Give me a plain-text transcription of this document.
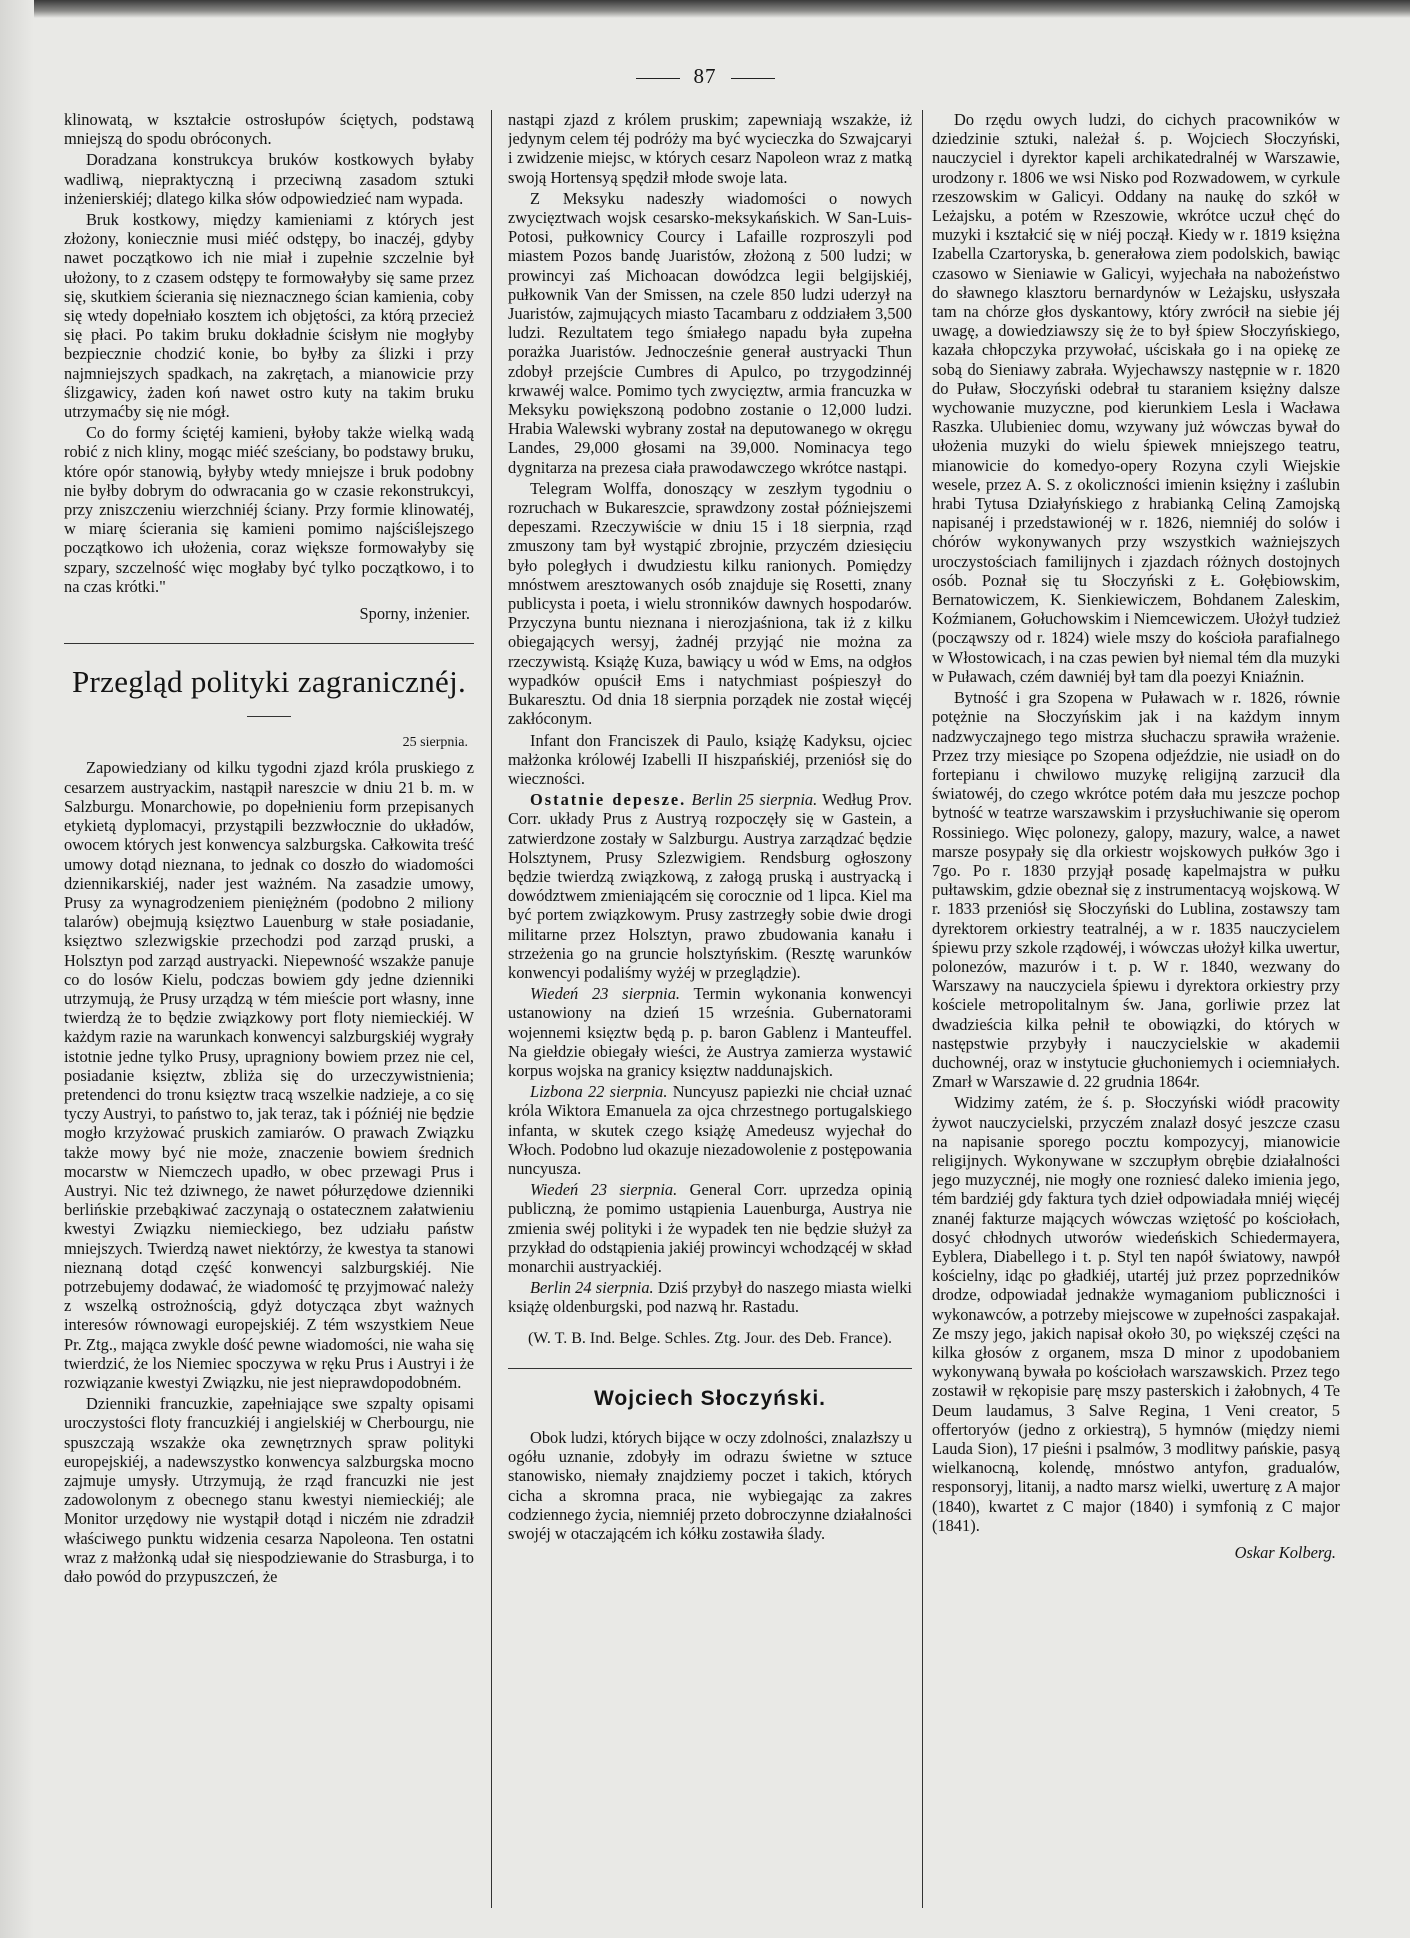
87

klinowatą, w kształcie ostrosłupów ściętych, podstawą mniejszą do spodu obróconych.

Doradzana konstrukcya bruków kostkowych byłaby wadliwą, niepraktyczną i przeciwną zasadom sztuki inżenierskiéj; dlatego kilka słów odpowiedzieć nam wypada.

Bruk kostkowy, między kamieniami z których jest złożony, koniecznie musi miéć odstępy, bo inaczéj, gdyby nawet początkowo ich nie miał i zupełnie szczelnie był ułożony, to z czasem odstępy te formowałyby się same przez się, skutkiem ścierania się nieznacznego ścian kamienia, coby się wtedy dopełniało kosztem ich objętości, za którą przecież się płaci. Po takim bruku dokładnie ścisłym nie mogłyby bezpiecznie chodzić konie, bo byłby za ślizki i przy najmniejszych spadkach, na zakrętach, a mianowicie przy ślizgawicy, żaden koń nawet ostro kuty na takim bruku utrzymaćby się nie mógł.

Co do formy ściętéj kamieni, byłoby także wielką wadą robić z nich kliny, mogąc miéć sześciany, bo podstawy bruku, które opór stanowią, byłyby wtedy mniejsze i bruk podobny nie byłby dobrym do odwracania go w czasie rekonstrukcyi, przy zniszczeniu wierzchniéj ściany. Przy formie klinowatéj, w miarę ścierania się kamieni pomimo najściślejszego początkowo ich ułożenia, coraz większe formowałyby się szpary, szczelność więc mogłaby być tylko początkowo, i to na czas krótki."

Sporny, inżenier.
Przegląd polityki zagranicznéj.
25 sierpnia.

Zapowiedziany od kilku tygodni zjazd króla pruskiego z cesarzem austryackim, nastąpił nareszcie w dniu 21 b. m. w Salzburgu. Monarchowie, po dopełnieniu form przepisanych etykietą dyplomacyi, przystąpili bezzwłocznie do układów, owocem których jest konwencya salzburgska. Całkowita treść umowy dotąd nieznana, to jednak co doszło do wiadomości dziennikarskiéj, nader jest ważném. Na zasadzie umowy, Prusy za wynagrodzeniem pieniężném (podobno 2 miliony talarów) obejmują księztwo Lauenburg w stałe posiadanie, księztwo szlezwigskie przechodzi pod zarząd pruski, a Holsztyn pod zarząd austryacki. Niepewność wszakże panuje co do losów Kielu, podczas bowiem gdy jedne dzienniki utrzymują, że Prusy urządzą w tém mieście port własny, inne twierdzą że to będzie związkowy port floty niemieckiéj. W każdym razie na warunkach konwencyi salzburgskiéj wygrały istotnie jedne tylko Prusy, upragniony bowiem przez nie cel, posiadanie księztw, zbliża się do urzeczywistnienia; pretendenci do tronu księztw tracą wszelkie nadzieje, a co się tyczy Austryi, to państwo to, jak teraz, tak i późniéj nie będzie mogło krzyżować pruskich zamiarów. O prawach Związku także mowy być nie może, znaczenie bowiem średnich mocarstw w Niemczech upadło, w obec przewagi Prus i Austryi. Nic też dziwnego, że nawet półurzędowe dzienniki berlińskie przebąkiwać zaczynają o ostatecznem załatwieniu kwestyi Związku niemieckiego, bez udziału państw mniejszych. Twierdzą nawet niektórzy, że kwestya ta stanowi nieznaną dotąd część konwencyi salzburgskiéj. Nie potrzebujemy dodawać, że wiadomość tę przyjmować należy z wszelką ostrożnością, gdyż dotycząca zbyt ważnych interesów równowagi europejskiéj. Z tém wszystkiem Neue Pr. Ztg., mająca zwykle dość pewne wiadomości, nie waha się twierdzić, że los Niemiec spoczywa w ręku Prus i Austryi i że rozwiązanie kwestyi Związku, nie jest nieprawdopodobném.

Dzienniki francuzkie, zapełniające swe szpalty opisami uroczystości floty francuzkiéj i angielskiéj w Cherbourgu, nie spuszczają wszakże oka zewnętrznych spraw polityki europejskiéj, a nadewszystko konwencya salzburgska mocno zajmuje umysły. Utrzymują, że rząd francuzki nie jest zadowolonym z obecnego stanu kwestyi niemieckiéj; ale Monitor urzędowy nie wystąpił dotąd i niczém nie zdradził właściwego punktu widzenia cesarza Napoleona. Ten ostatni wraz z małżonką udał się niespodziewanie do Strasburga, i to dało powód do przypuszczeń, że

nastąpi zjazd z królem pruskim; zapewniają wszakże, iż jedynym celem téj podróży ma być wycieczka do Szwajcaryi i zwidzenie miejsc, w których cesarz Napoleon wraz z matką swoją Hortensyą spędził młode swoje lata.

Z Meksyku nadeszły wiadomości o nowych zwycięztwach wojsk cesarsko-meksykańskich. W San-Luis-Potosi, pułkownicy Courcy i Lafaille rozproszyli pod miastem Pozos bandę Juaristów, złożoną z 500 ludzi; w prowincyi zaś Michoacan dowódzca legii belgijskiéj, pułkownik Van der Smissen, na czele 850 ludzi uderzył na Juaristów, zajmujących miasto Tacambaru z oddziałem 3,500 ludzi. Rezultatem tego śmiałego napadu była zupełna porażka Juaristów. Jednocześnie generał austryacki Thun zdobył przejście Cumbres di Apulco, po trzygodzinnéj krwawéj walce. Pomimo tych zwycięztw, armia francuzka w Meksyku powiększoną podobno zostanie o 12,000 ludzi. Hrabia Walewski wybrany został na deputowanego w okręgu Landes, 29,000 głosami na 39,000. Nominacya tego dygnitarza na prezesa ciała prawodawczego wkrótce nastąpi.

Telegram Wolffa, donoszący w zeszłym tygodniu o rozruchach w Bukareszcie, sprawdzony został późniejszemi depeszami. Rzeczywiście w dniu 15 i 18 sierpnia, rząd zmuszony tam był wystąpić zbrojnie, przyczém dziesięciu było poległych i dwudziestu kilku ranionych. Pomiędzy mnóstwem aresztowanych osób znajduje się Rosetti, znany publicysta i poeta, i wielu stronników dawnych hospodarów. Przyczyna buntu nieznana i nierozjaśniona, tak iż z kilku obiegających wersyj, żadnéj przyjąć nie można za rzeczywistą. Książę Kuza, bawiący u wód w Ems, na odgłos wypadków opuścił Ems i natychmiast pośpieszył do Bukaresztu. Od dnia 18 sierpnia porządek nie został więcéj zakłóconym.

Infant don Franciszek di Paulo, książę Kadyksu, ojciec małżonka królowéj Izabelli II hiszpańskiéj, przeniósł się do wieczności.

Ostatnie depesze. Berlin 25 sierpnia. Według Prov. Corr. układy Prus z Austryą rozpoczęły się w Gastein, a zatwierdzone zostały w Salzburgu. Austrya zarządzać będzie Holsztynem, Prusy Szlezwigiem. Rendsburg ogłoszony będzie twierdzą związkową, z załogą pruską i austryacką i dowództwem zmieniającém się corocznie od 1 lipca. Kiel ma być portem związkowym. Prusy zastrzegły sobie dwie drogi militarne przez Holsztyn, prawo zbudowania kanału i strzeżenia go na gruncie holsztyńskim. (Resztę warunków konwencyi podaliśmy wyżéj w przeglądzie).

Wiedeń 23 sierpnia. Termin wykonania konwencyi ustanowiony na dzień 15 września. Gubernatorami wojennemi księztw będą p. p. baron Gablenz i Manteuffel. Na giełdzie obiegały wieści, że Austrya zamierza wystawić korpus wojska na granicy księztw naddunajskich.

Lizbona 22 sierpnia. Nuncyusz papiezki nie chciał uznać króla Wiktora Emanuela za ojca chrzestnego portugalskiego infanta, w skutek czego książę Amedeusz wyjechał do Włoch. Podobno lud okazuje niezadowolenie z postępowania nuncyusza.

Wiedeń 23 sierpnia. General Corr. uprzedza opinią publiczną, że pomimo ustąpienia Lauenburga, Austrya nie zmienia swéj polityki i że wypadek ten nie będzie służył za przykład do odstąpienia jakiéj prowincyi wchodzącéj w skład monarchii austryackiéj.

Berlin 24 sierpnia. Dziś przybył do naszego miasta wielki książę oldenburgski, pod nazwą hr. Rastadu.

(W. T. B. Ind. Belge. Schles. Ztg. Jour. des Deb. France).
Wojciech Słoczyński.

Obok ludzi, których bijące w oczy zdolności, znalazłszy u ogółu uznanie, zdobyły im odrazu świetne w sztuce stanowisko, niemały znajdziemy poczet i takich, których cicha a skromna praca, nie wybiegając za zakres codziennego życia, niemniéj przeto dobroczynne działalności swojéj w otaczającém ich kółku zostawiła ślady.

Do rzędu owych ludzi, do cichych pracowników w dziedzinie sztuki, należał ś. p. Wojciech Słoczyński, nauczyciel i dyrektor kapeli archikatedralnéj w Warszawie, urodzony r. 1806 we wsi Nisko pod Rozwadowem, w cyrkule rzeszowskim w Galicyi. Oddany na naukę do szkół w Leżajsku, a potém w Rzeszowie, wkrótce uczuł chęć do muzyki i kształcić się w niéj począł. Kiedy w r. 1819 księżna Izabella Czartoryska, b. generałowa ziem podolskich, bawiąc czasowo w Sieniawie w Galicyi, wyjechała na nabożeństwo do sławnego klasztoru bernardynów w Leżajsku, usłyszała tam na chórze głos dyskantowy, który zwrócił na siebie jéj uwagę, a dowiedziawszy się że to był śpiew Słoczyńskiego, kazała chłopczyka przywołać, uściskała go i na opiekę ze sobą do Sieniawy zabrała. Wyjechawszy następnie w r. 1820 do Puław, Słoczyński odebrał tu staraniem księżny dalsze wychowanie muzyczne, pod kierunkiem Lesla i Wacława Raszka. Ulubieniec domu, wzywany już wówczas bywał do ułożenia muzyki do wielu śpiewek mniejszego teatru, mianowicie do komedyo-opery Rozyna czyli Wiejskie wesele, przez A. S. z okoliczności imienin księżny i zaślubin hrabi Tytusa Działyńskiego z hrabianką Celiną Zamojską napisanéj i przedstawionéj w r. 1826, niemniéj do solów i chórów wykonywanych przy wszystkich ważniejszych uroczystościach familijnych i zjazdach różnych dostojnych osób. Poznał się tu Słoczyński z Ł. Gołębiowskim, Bernatowiczem, K. Sienkiewiczem, Bohdanem Zaleskim, Koźmianem, Gołuchowskim i Niemcewiczem. Ułożył tudzież (począwszy od r. 1824) wiele mszy do kościoła parafialnego w Włostowicach, i na czas pewien był niemal tém dla muzyki w Puławach, czém dawniéj był tam dla poezyi Kniaźnin.

Bytność i gra Szopena w Puławach w r. 1826, równie potężnie na Słoczyńskim jak i na każdym innym nadzwyczajnego tego mistrza słuchaczu sprawiła wrażenie. Przez trzy miesiące po Szopena odjeździe, nie usiadł on do fortepianu i chwilowo muzykę religijną zarzucił dla światowéj, do czego wkrótce potém dała mu jeszcze pochop bytność w teatrze warszawskim i przysłuchiwanie się operom Rossiniego. Więc polonezy, galopy, mazury, walce, a nawet marsze posypały się dla orkiestr wojskowych pułków 3go i 7go. Po r. 1830 przyjął posadę kapelmajstra w pułku pułtawskim, gdzie obeznał się z instrumentacyą wojskową. W r. 1833 przeniósł się Słoczyński do Lublina, zostawszy tam dyrektorem orkiestry teatralnéj, a w r. 1835 nauczycielem śpiewu przy szkole rządowéj, i wówczas ułożył kilka uwertur, polonezów, mazurów i t. p. W r. 1840, wezwany do Warszawy na nauczyciela śpiewu i dyrektora orkiestry przy kościele metropolitalnym św. Jana, gorliwie przez lat dwadzieścia kilka pełnił te obowiązki, do których w następstwie przybyły i nauczycielskie w akademii duchownéj, oraz w instytucie głuchoniemych i ociemniałych. Zmarł w Warszawie d. 22 grudnia 1864r.

Widzimy zatém, że ś. p. Słoczyński wiódł pracowity żywot nauczycielski, przyczém znalazł dosyć jeszcze czasu na napisanie sporego pocztu kompozycyj, mianowicie religijnych. Wykonywane w szczupłym obrębie działalności jego muzycznéj, nie mogły one rozniesć daleko imienia jego, tém bardziéj gdy faktura tych dzieł odpowiadała mniéj więcéj znanéj fakturze mających wówczas wziętość po kościołach, dosyć chłodnych utworów wiedeńskich Schiedermayera, Eyblera, Diabellego i t. p. Styl ten napół światowy, nawpół kościelny, idąc po gładkiéj, utartéj już przez poprzedników drodze, odpowiadał jednakże wymaganiom publiczności i wykonawców, a potrzeby miejscowe w zupełności zaspakajał. Ze mszy jego, jakich napisał około 30, po większéj części na kilka głosów z organem, msza D minor z upodobaniem wykonywaną bywała po kościołach warszawskich. Przez tego zostawił w rękopisie parę mszy pasterskich i żałobnych, 4 Te Deum laudamus, 3 Salve Regina, 1 Veni creator, 5 offertoryów (jedno z orkiestrą), 5 hymnów (między niemi Lauda Sion), 17 pieśni i psalmów, 3 modlitwy pańskie, pasyą wielkanocną, kolendę, mnóstwo antyfon, gradualów, responsoryj, litanij, a nadto marsz wielki, uwerturę z A major (1840), kwartet z C major (1840) i symfonią z C major (1841).

Oskar Kolberg.
